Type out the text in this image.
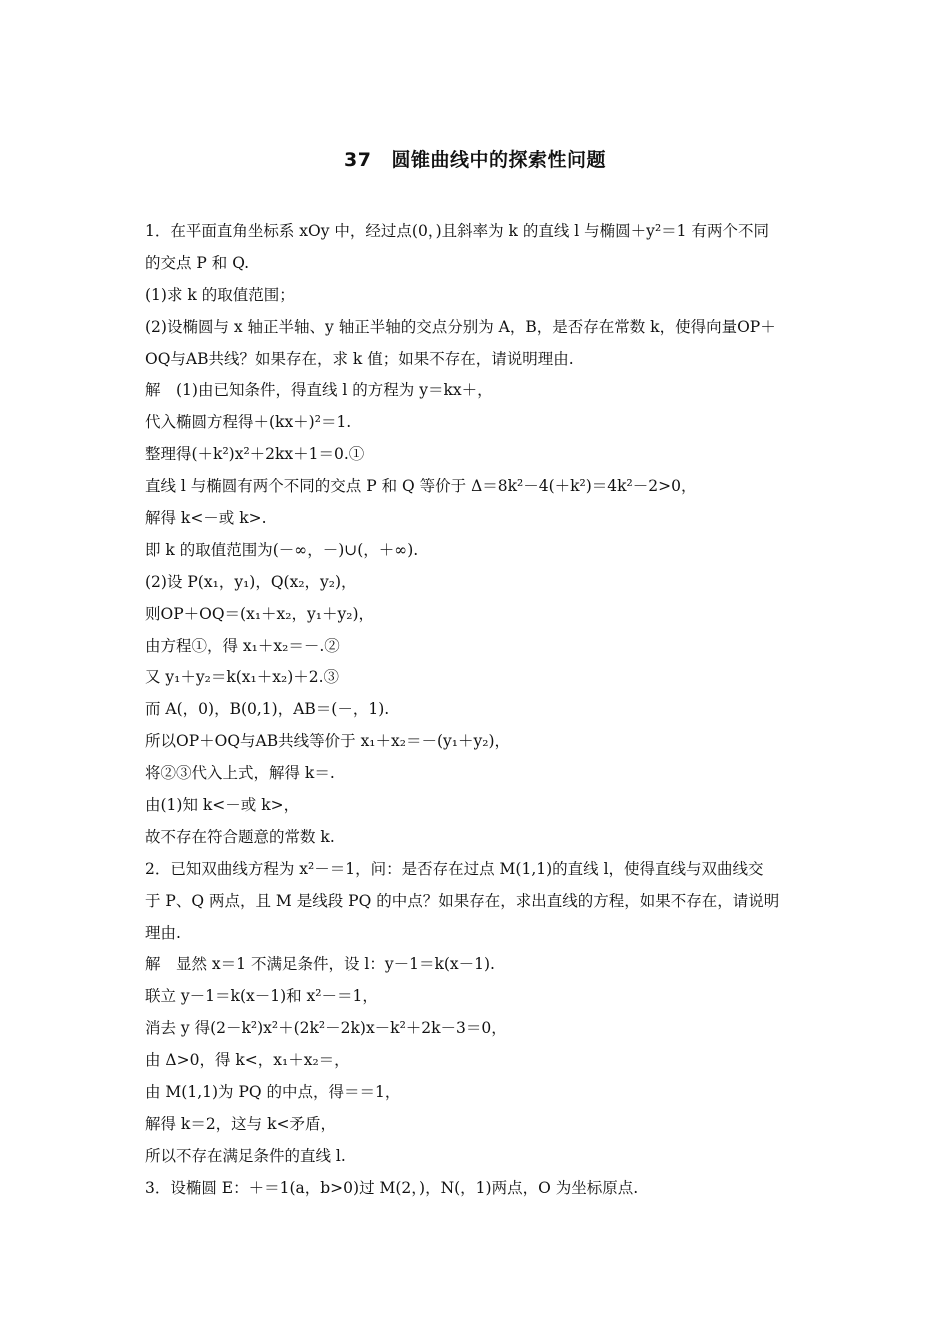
37 圆锥曲线中的探索性问题
1．在平面直角坐标系 xOy 中，经过点(0，)且斜率为 k 的直线 l 与椭圆＋y²＝1 有两个不同
的交点 P 和 Q.
(1)求 k 的取值范围；
(2)设椭圆与 x 轴正半轴、y 轴正半轴的交点分别为 A，B，是否存在常数 k，使得向量OP＋
OQ与AB共线？如果存在，求 k 值；如果不存在，请说明理由.
解　(1)由已知条件，得直线 l 的方程为 y＝kx＋，
代入椭圆方程得＋(kx＋)²＝1.
整理得(＋k²)x²＋2kx＋1＝0.①
直线 l 与椭圆有两个不同的交点 P 和 Q 等价于 Δ＝8k²－4(＋k²)＝4k²－2>0，
解得 k<－或 k>.
即 k 的取值范围为(－∞，－)∪(，＋∞).
(2)设 P(x₁，y₁)，Q(x₂，y₂)，
则OP＋OQ＝(x₁＋x₂，y₁＋y₂)，
由方程①，得 x₁＋x₂＝－.②
又 y₁＋y₂＝k(x₁＋x₂)＋2.③
而 A(，0)，B(0,1)，AB＝(－，1).
所以OP＋OQ与AB共线等价于 x₁＋x₂＝－(y₁＋y₂)，
将②③代入上式，解得 k＝.
由(1)知 k<－或 k>，
故不存在符合题意的常数 k.
2．已知双曲线方程为 x²－＝1，问：是否存在过点 M(1,1)的直线 l，使得直线与双曲线交
于 P、Q 两点，且 M 是线段 PQ 的中点？如果存在，求出直线的方程，如果不存在，请说明
理由.
解　显然 x＝1 不满足条件，设 l：y－1＝k(x－1).
联立 y－1＝k(x－1)和 x²－＝1，
消去 y 得(2－k²)x²＋(2k²－2k)x－k²＋2k－3＝0，
由 Δ>0，得 k<，x₁＋x₂＝，
由 M(1,1)为 PQ 的中点，得＝＝1，
解得 k＝2，这与 k<矛盾，
所以不存在满足条件的直线 l.
3．设椭圆 E：＋＝1(a，b>0)过 M(2，)，N(，1)两点，O 为坐标原点.
